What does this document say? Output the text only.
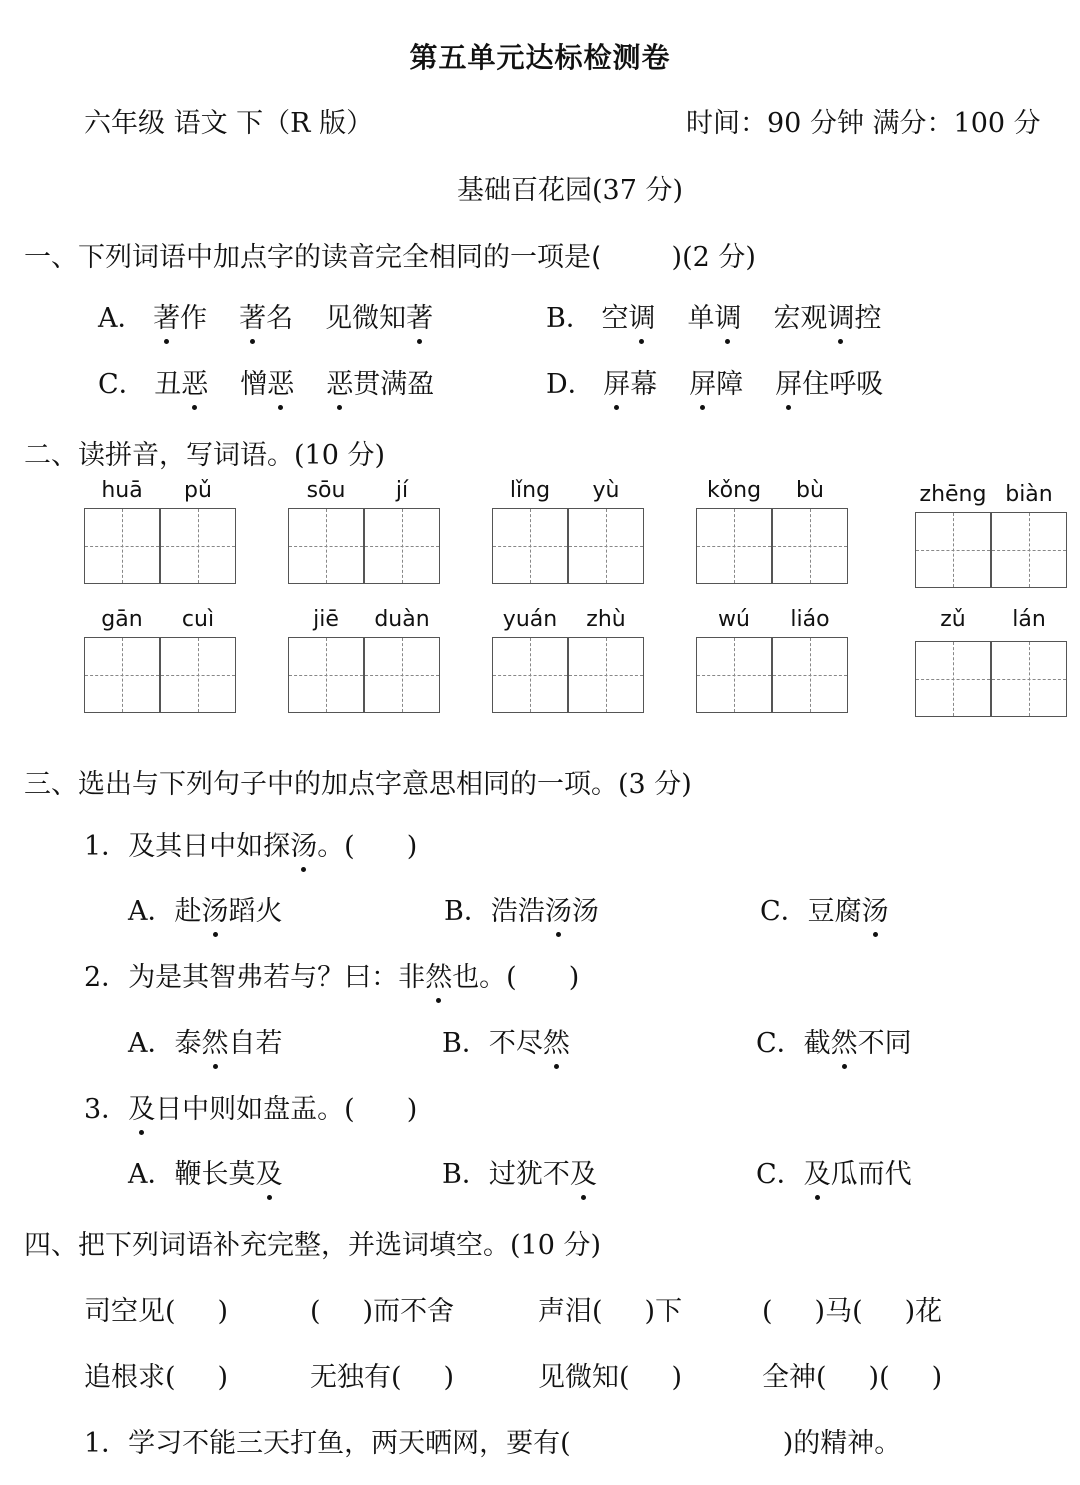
第五单元达标检测卷
六年级 语文 下（R 版）	时间：90 分钟 满分：100 分
基础百花园(37 分)
一、下列词语中加点字的读音完全相同的一项是(	)(2 分)
A． 著作 著名 见微知著	B． 空调 单调 宏观调控
C． 丑恶 憎恶 恶贯满盈	D． 屏幕 屏障 屏住呼吸
二、读拼音，写词语。(10 分)
huā	pǔ	sōu	jí	lǐng	yù	kǒng	bù	zhēng biàn
gān	cuì	jiē	duàn	yuán	zhù	wú	liáo	zǔ	lán
三、选出与下列句子中的加点字意思相同的一项。(3 分)
1．及其日中如探汤。( )
A．赴汤蹈火	B．浩浩汤汤	C．豆腐汤
2．为是其智弗若与？曰：非然也。( )
A．泰然自若	B．不尽然	C．截然不同
3．及日中则如盘盂。( )
A．鞭长莫及	B．过犹不及	C．及瓜而代
四、把下列词语补充完整，并选词填空。(10 分)
司空见( )	( )而不舍	声泪( )下	( )马( )花
追根求( )	无独有( )	见微知( )	全神( )( )
1．学习不能三天打鱼，两天晒网，要有(	)的精神。
